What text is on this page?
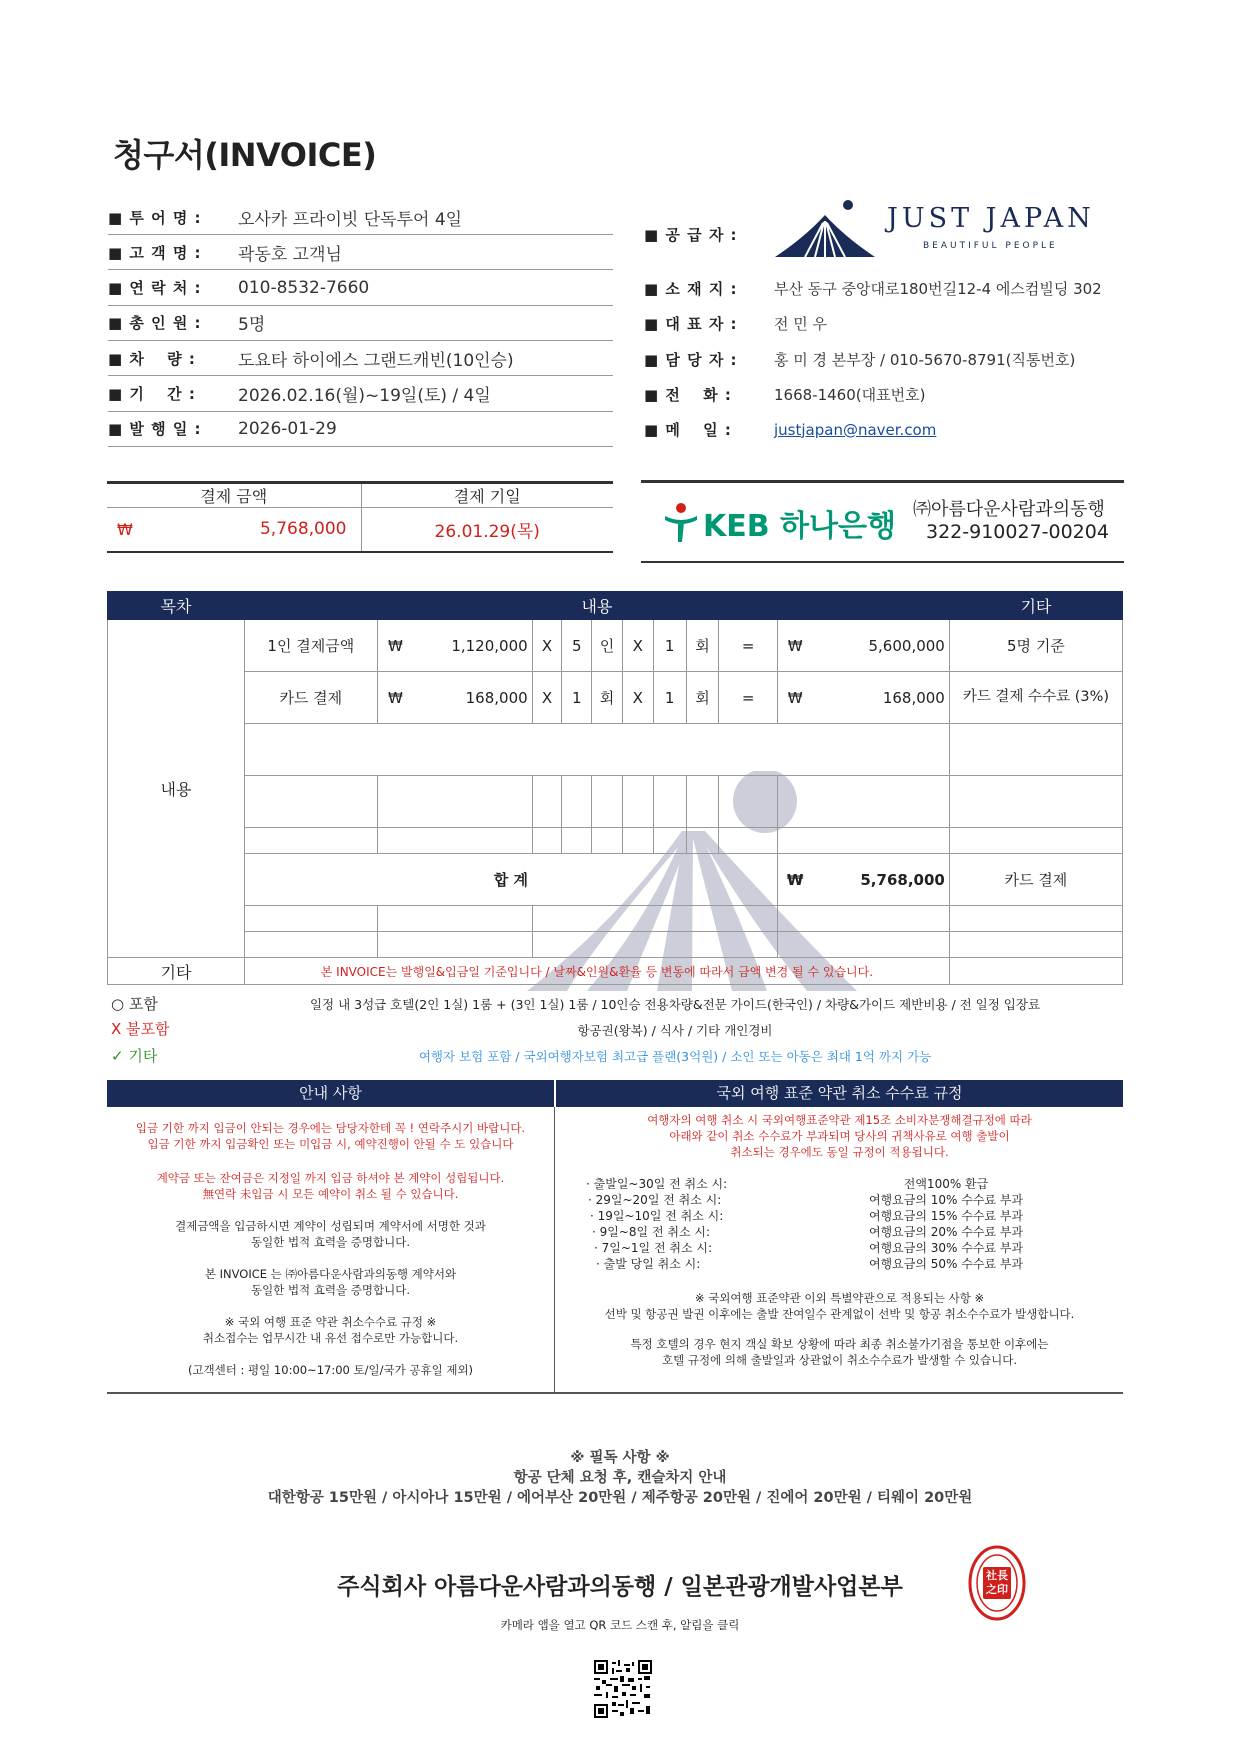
청구서(INVOICE)
■ 투 어 명 :	오사카 프라이빗 단독투어 4일
■ 고 객 명 :	곽동호 고객님
■ 연 락 처 :	010-8532-7660
■ 총 인 원 :	5명
■ 차 　량 :	도요타 하이에스 그랜드캐빈(10인승)
■ 기 　간 :	2026.02.16(월)~19일(토) / 4일
■ 발 행 일 :	2026-01-29
■ 공 급 자 :
JUST JAPAN
BEAUTIFUL PEOPLE
■ 소 재 지 :	부산 동구 중앙대로180번길12-4 에스컴빌딩 302
■ 대 표 자 :	전 민 우
■ 담 당 자 :	홍 미 경 본부장 / 010-5670-8791(직통번호)
■ 전 　화 :	1668-1460(대표번호)
■ 메 　일 :	justjapan@naver.com
결제 금액		결제 기일
₩	5,768,000	26.01.29(목)	KEB 하나은행 ㈜아름다운사람과의동행
322-910027-00204
목차	내용												기타
내용	1인 결제금액	₩	1,120,000	X	5	인	X	1	회	=	₩	5,600,000	5명 기준
	카드 결제	₩	168,000	X	1	회	X	1	회	=	₩	168,000	카드 결제 수수료 (3%)

	합 계										₩	5,768,000	카드 결제

기타	본 INVOICE는 발행일&입금일 기준입니다 / 날짜&인원&환율 등 변동에 따라서 금액 변경 될 수 있습니다.												
○ 포함
X 불포함
✓ 기타
일정 내 3성급 호텔(2인 1실) 1룸 + (3인 1실) 1룸 / 10인승 전용차량&전문 가이드(한국인) / 차량&가이드 제반비용 / 전 일정 입장료
항공권(왕복) / 식사 / 기타 개인경비
여행자 보험 포함 / 국외여행자보험 최고급 플랜(3억원) / 소인 또는 아동은 최대 1억 까지 가능
안내 사항	국외 여행 표준 약관 취소 수수료 규정
입금 기한 까지 입금이 안되는 경우에는 담당자한테 꼭 ! 연락주시기 바랍니다.
입금 기한 까지 입금확인 또는 미입금 시, 예약진행이 안될 수 도 있습니다
계약금 또는 잔여금은 지정일 까지 입금 하셔야 본 계약이 성립됩니다.
無연락 未입금 시 모든 예약이 취소 될 수 있습니다.
결제금액을 입금하시면 계약이 성립되며 계약서에 서명한 것과
동일한 법적 효력을 증명합니다.
본 INVOICE 는 ㈜아름다운사람과의동행 계약서와
동일한 법적 효력을 증명합니다.
※ 국외 여행 표준 약관 취소수수료 규정 ※
취소접수는 업무시간 내 유선 접수로만 가능합니다.
(고객센터 : 평일 10:00~17:00 토/일/국가 공휴일 제외)
여행자의 여행 취소 시 국외여행표준약관 제15조 소비자분쟁해결규정에 따라
아래와 같이 취소 수수료가 부과되며 당사의 귀책사유로 여행 출발이
취소되는 경우에도 동일 규정이 적용됩니다.
· 출발일~30일 전 취소 시:	전액100% 환급
· 29일~20일 전 취소 시:	여행요금의 10% 수수료 부과
· 19일~10일 전 취소 시:	여행요금의 15% 수수료 부과
· 9일~8일 전 취소 시:	여행요금의 20% 수수료 부과
· 7일~1일 전 취소 시:	여행요금의 30% 수수료 부과
· 출발 당일 취소 시:	여행요금의 50% 수수료 부과
※ 국외여행 표준약관 이외 특별약관으로 적용되는 사항 ※
선박 및 항공권 발권 이후에는 출발 잔여일수 관계없이 선박 및 항공 취소수수료가 발생합니다.
특정 호텔의 경우 현지 객실 확보 상황에 따라 최종 취소불가기점을 통보한 이후에는
호텔 규정에 의해 출발일과 상관없이 취소수수료가 발생할 수 있습니다.
※ 필독 사항 ※
항공 단체 요청 후, 캔슬차지 안내
대한항공 15만원 / 아시아나 15만원 / 에어부산 20만원 / 제주항공 20만원 / 진에어 20만원 / 티웨이 20만원
주식회사 아름다운사람과의동행 / 일본관광개발사업본부	社長之印
카메라 앱을 열고 QR 코드 스캔 후, 알림을 클릭
